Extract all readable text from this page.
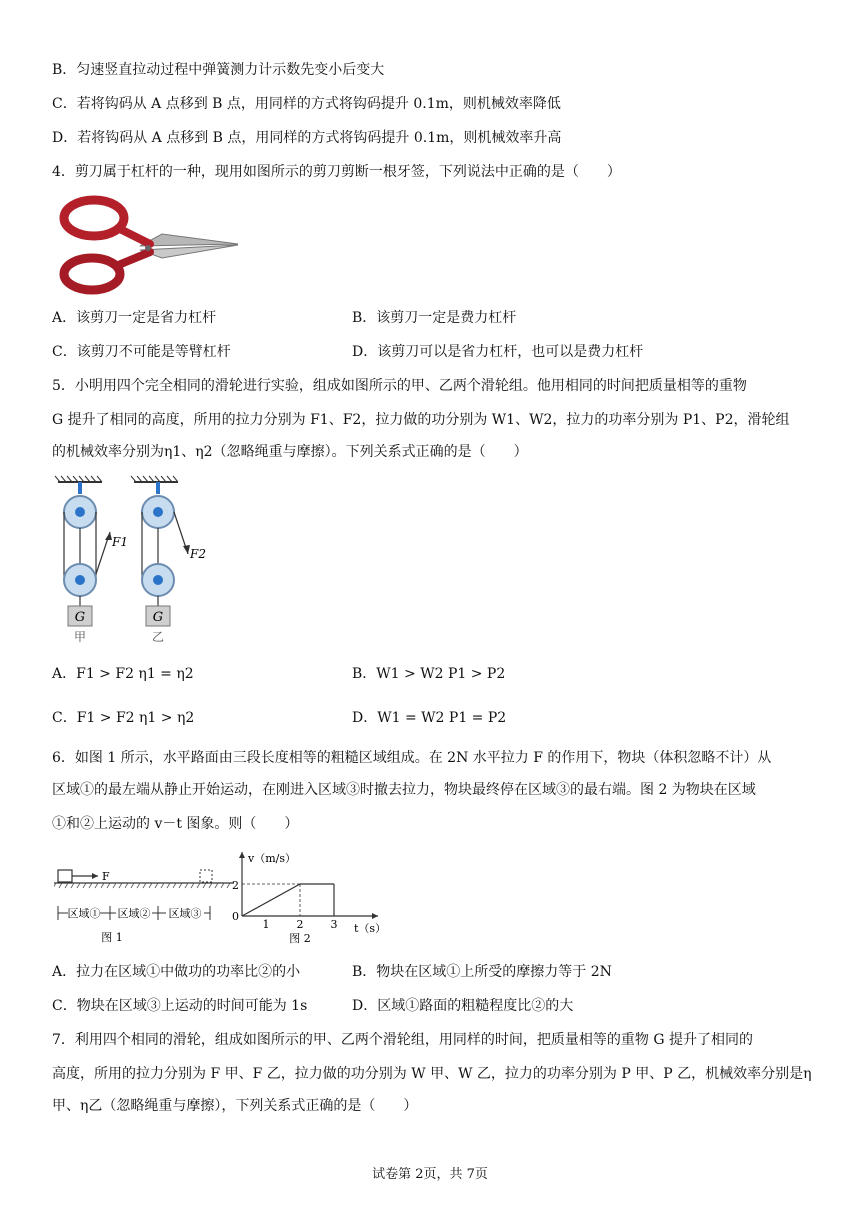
B．匀速竖直拉动过程中弹簧测力计示数先变小后变大
C．若将钩码从 A 点移到 B 点，用同样的方式将钩码提升 0.1m，则机械效率降低
D．若将钩码从 A 点移到 B 点，用同样的方式将钩码提升 0.1m，则机械效率升高
4．剪刀属于杠杆的一种，现用如图所示的剪刀剪断一根牙签，下列说法中正确的是（　　）
A．该剪刀一定是省力杠杆	B．该剪刀一定是费力杠杆
C．该剪刀不可能是等臂杠杆	D．该剪刀可以是省力杠杆，也可以是费力杠杆
5．小明用四个完全相同的滑轮进行实验，组成如图所示的甲、乙两个滑轮组。他用相同的时间把质量相等的重物
G 提升了相同的高度，所用的拉力分别为 F1、F2，拉力做的功分别为 W1、W2，拉力的功率分别为 P1、P2，滑轮组
的机械效率分别为η1、η2（忽略绳重与摩擦）。下列关系式正确的是（　　）
F1
G
甲
F2
G
乙
A．F1 > F2 η1 = η2	B．W1 > W2 P1 > P2
C．F1 > F2 η1 > η2	D．W1 = W2 P1 = P2
6．如图 1 所示，水平路面由三段长度相等的粗糙区域组成。在 2N 水平拉力 F 的作用下，物块（体积忽略不计）从
区域①的最左端从静止开始运动，在刚进入区域③时撤去拉力，物块最终停在区域③的最右端。图 2 为物块在区域
①和②上运动的 v－t 图象。则（　　）
F
区域① 区域② 区域③
图 1
v（m/s）
t（s）
2
0
1 2 3
图 2
A．拉力在区域①中做功的功率比②的小	B．物块在区域①上所受的摩擦力等于 2N
C．物块在区域③上运动的时间可能为 1s	D．区域①路面的粗糙程度比②的大
7．利用四个相同的滑轮，组成如图所示的甲、乙两个滑轮组，用同样的时间，把质量相等的重物 G 提升了相同的
高度，所用的拉力分别为 F 甲、F 乙，拉力做的功分别为 W 甲、W 乙，拉力的功率分别为 P 甲、P 乙，机械效率分别是η
甲、η乙（忽略绳重与摩擦），下列关系式正确的是（　　）
试卷第 2页，共 7页
